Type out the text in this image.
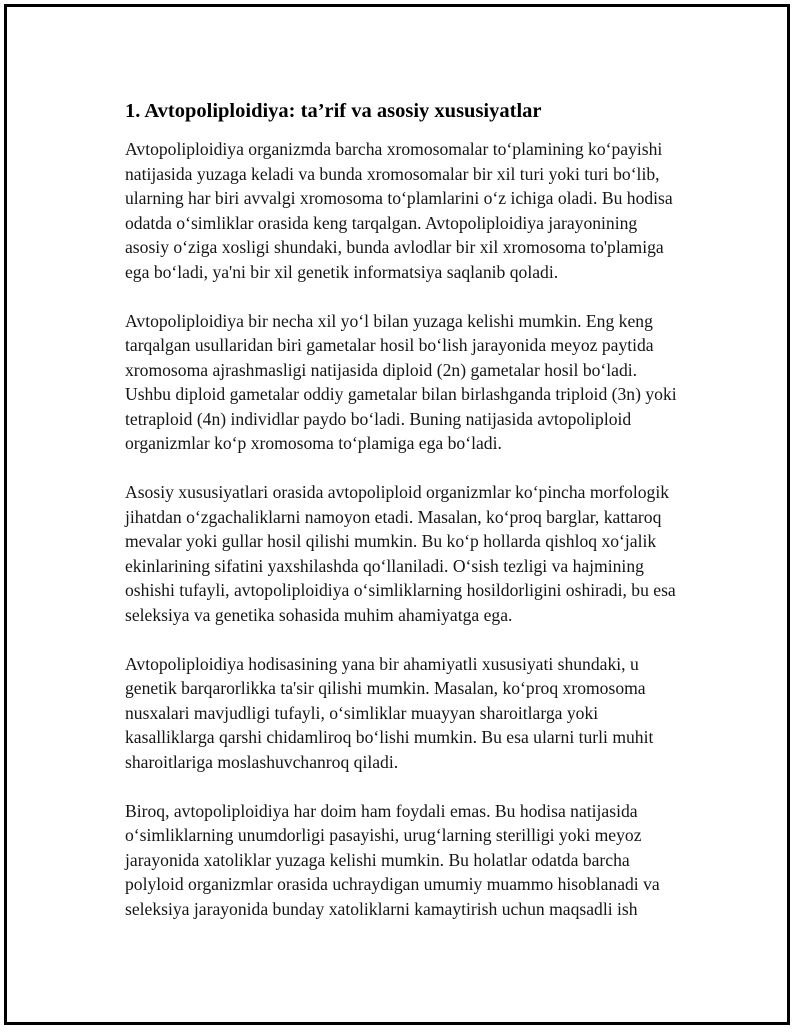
1. Avtopoliploidiya: ta’rif va asosiy xususiyatlar

Avtopoliploidiya organizmda barcha xromosomalar to‘plamining ko‘payishi natijasida yuzaga keladi va bunda xromosomalar bir xil turi yoki turi bo‘lib, ularning har biri avvalgi xromosoma to‘plamlarini o‘z ichiga oladi. Bu hodisa odatda o‘simliklar orasida keng tarqalgan. Avtopoliploidiya jarayonining asosiy o‘ziga xosligi shundaki, bunda avlodlar bir xil xromosoma to'plamiga ega bo‘ladi, ya'ni bir xil genetik informatsiya saqlanib qoladi.

Avtopoliploidiya bir necha xil yo‘l bilan yuzaga kelishi mumkin. Eng keng tarqalgan usullaridan biri gametalar hosil bo‘lish jarayonida meyoz paytida xromosoma ajrashmasligi natijasida diploid (2n) gametalar hosil bo‘ladi. Ushbu diploid gametalar oddiy gametalar bilan birlashganda triploid (3n) yoki tetraploid (4n) individlar paydo bo‘ladi. Buning natijasida avtopoliploid organizmlar ko‘p xromosoma to‘plamiga ega bo‘ladi.

Asosiy xususiyatlari orasida avtopoliploid organizmlar ko‘pincha morfologik jihatdan o‘zgachaliklarni namoyon etadi. Masalan, ko‘proq barglar, kattaroq mevalar yoki gullar hosil qilishi mumkin. Bu ko‘p hollarda qishloq xo‘jalik ekinlarining sifatini yaxshilashda qo‘llaniladi. O‘sish tezligi va hajmining oshishi tufayli, avtopoliploidiya o‘simliklarning hosildorligini oshiradi, bu esa seleksiya va genetika sohasida muhim ahamiyatga ega.

Avtopoliploidiya hodisasining yana bir ahamiyatli xususiyati shundaki, u genetik barqarorlikka ta'sir qilishi mumkin. Masalan, ko‘proq xromosoma nusxalari mavjudligi tufayli, o‘simliklar muayyan sharoitlarga yoki kasalliklarga qarshi chidamliroq bo‘lishi mumkin. Bu esa ularni turli muhit sharoitlariga moslashuvchanroq qiladi.

Biroq, avtopoliploidiya har doim ham foydali emas. Bu hodisa natijasida o‘simliklarning unumdorligi pasayishi, urug‘larning sterilligi yoki meyoz jarayonida xatoliklar yuzaga kelishi mumkin. Bu holatlar odatda barcha polyloid organizmlar orasida uchraydigan umumiy muammo hisoblanadi va seleksiya jarayonida bunday xatoliklarni kamaytirish uchun maqsadli ish
